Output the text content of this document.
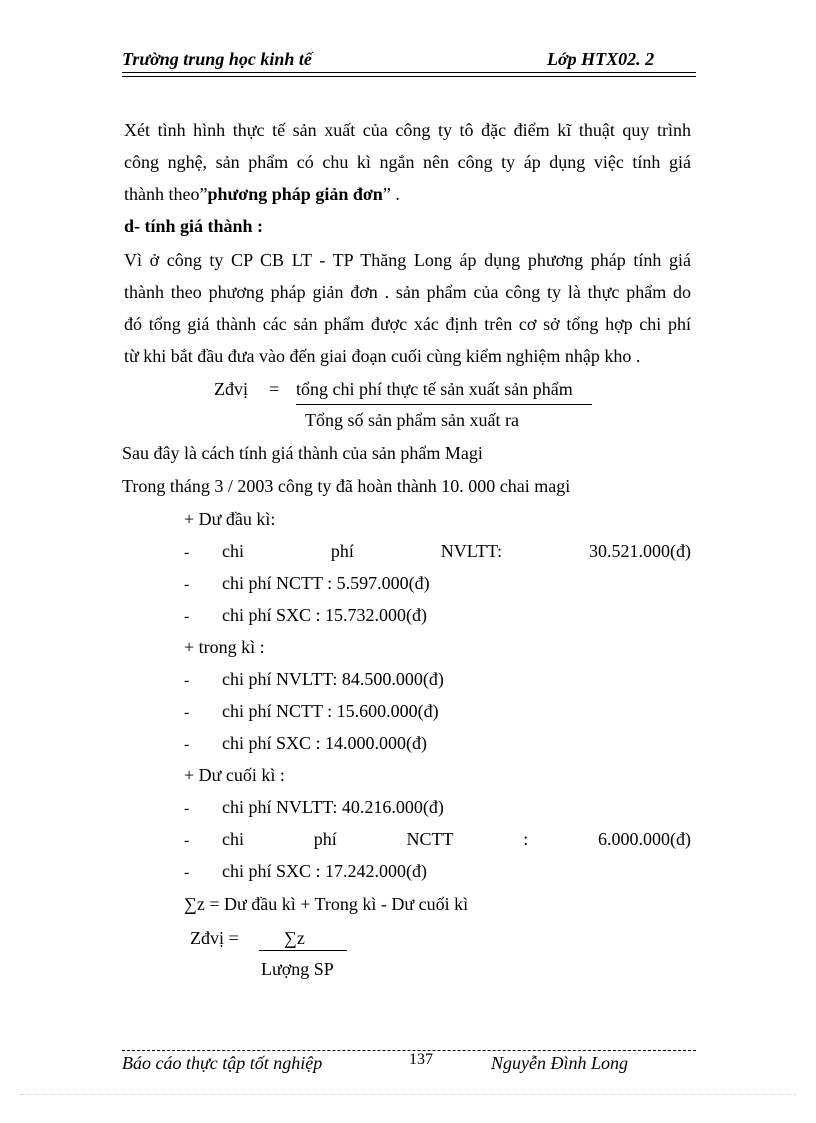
Trường trung học kinh tế	Lớp HTX02. 2
Xét tình hình thực tế sản xuất của công ty tô đặc điểm kĩ thuật quy trình
công nghệ, sản phẩm có chu kì ngắn nên công ty áp dụng việc tính giá
thành theo”phương pháp giản đơn” .
d- tính giá thành :
Vì ở công ty CP CB LT - TP Thăng Long áp dụng phương pháp tính giá
thành theo phương pháp giản đơn . sản phẩm của công ty là thực phẩm do
đó tổng giá thành các sản phẩm được xác định trên cơ sở tổng hợp chi phí
từ khi bắt đầu đưa vào đến giai đoạn cuối cùng kiểm nghiệm nhập kho .
Zđvị = tổng chi phí thực tế sản xuất sản phẩm
Tổng số sản phẩm sản xuất ra
Sau đây là cách tính giá thành của sản phẩm Magi
Trong tháng 3 / 2003 công ty đã hoàn thành 10. 000 chai magi
+ Dư đầu kì:
- chi	phí	NVLTT:	30.521.000(đ)
- chi phí NCTT : 5.597.000(đ)
- chi phí SXC : 15.732.000(đ)
+ trong kì :
- chi phí NVLTT: 84.500.000(đ)
- chi phí NCTT : 15.600.000(đ)
- chi phí SXC : 14.000.000(đ)
+ Dư cuối kì :
- chi phí NVLTT: 40.216.000(đ)
- chi	phí	NCTT	:	6.000.000(đ)
- chi phí SXC : 17.242.000(đ)
∑z = Dư đầu kì + Trong kì - Dư cuối kì
Zđvị =	∑z
Lượng SP
Báo cáo thực tập tốt nghiệp	137	Nguyễn Đình Long
